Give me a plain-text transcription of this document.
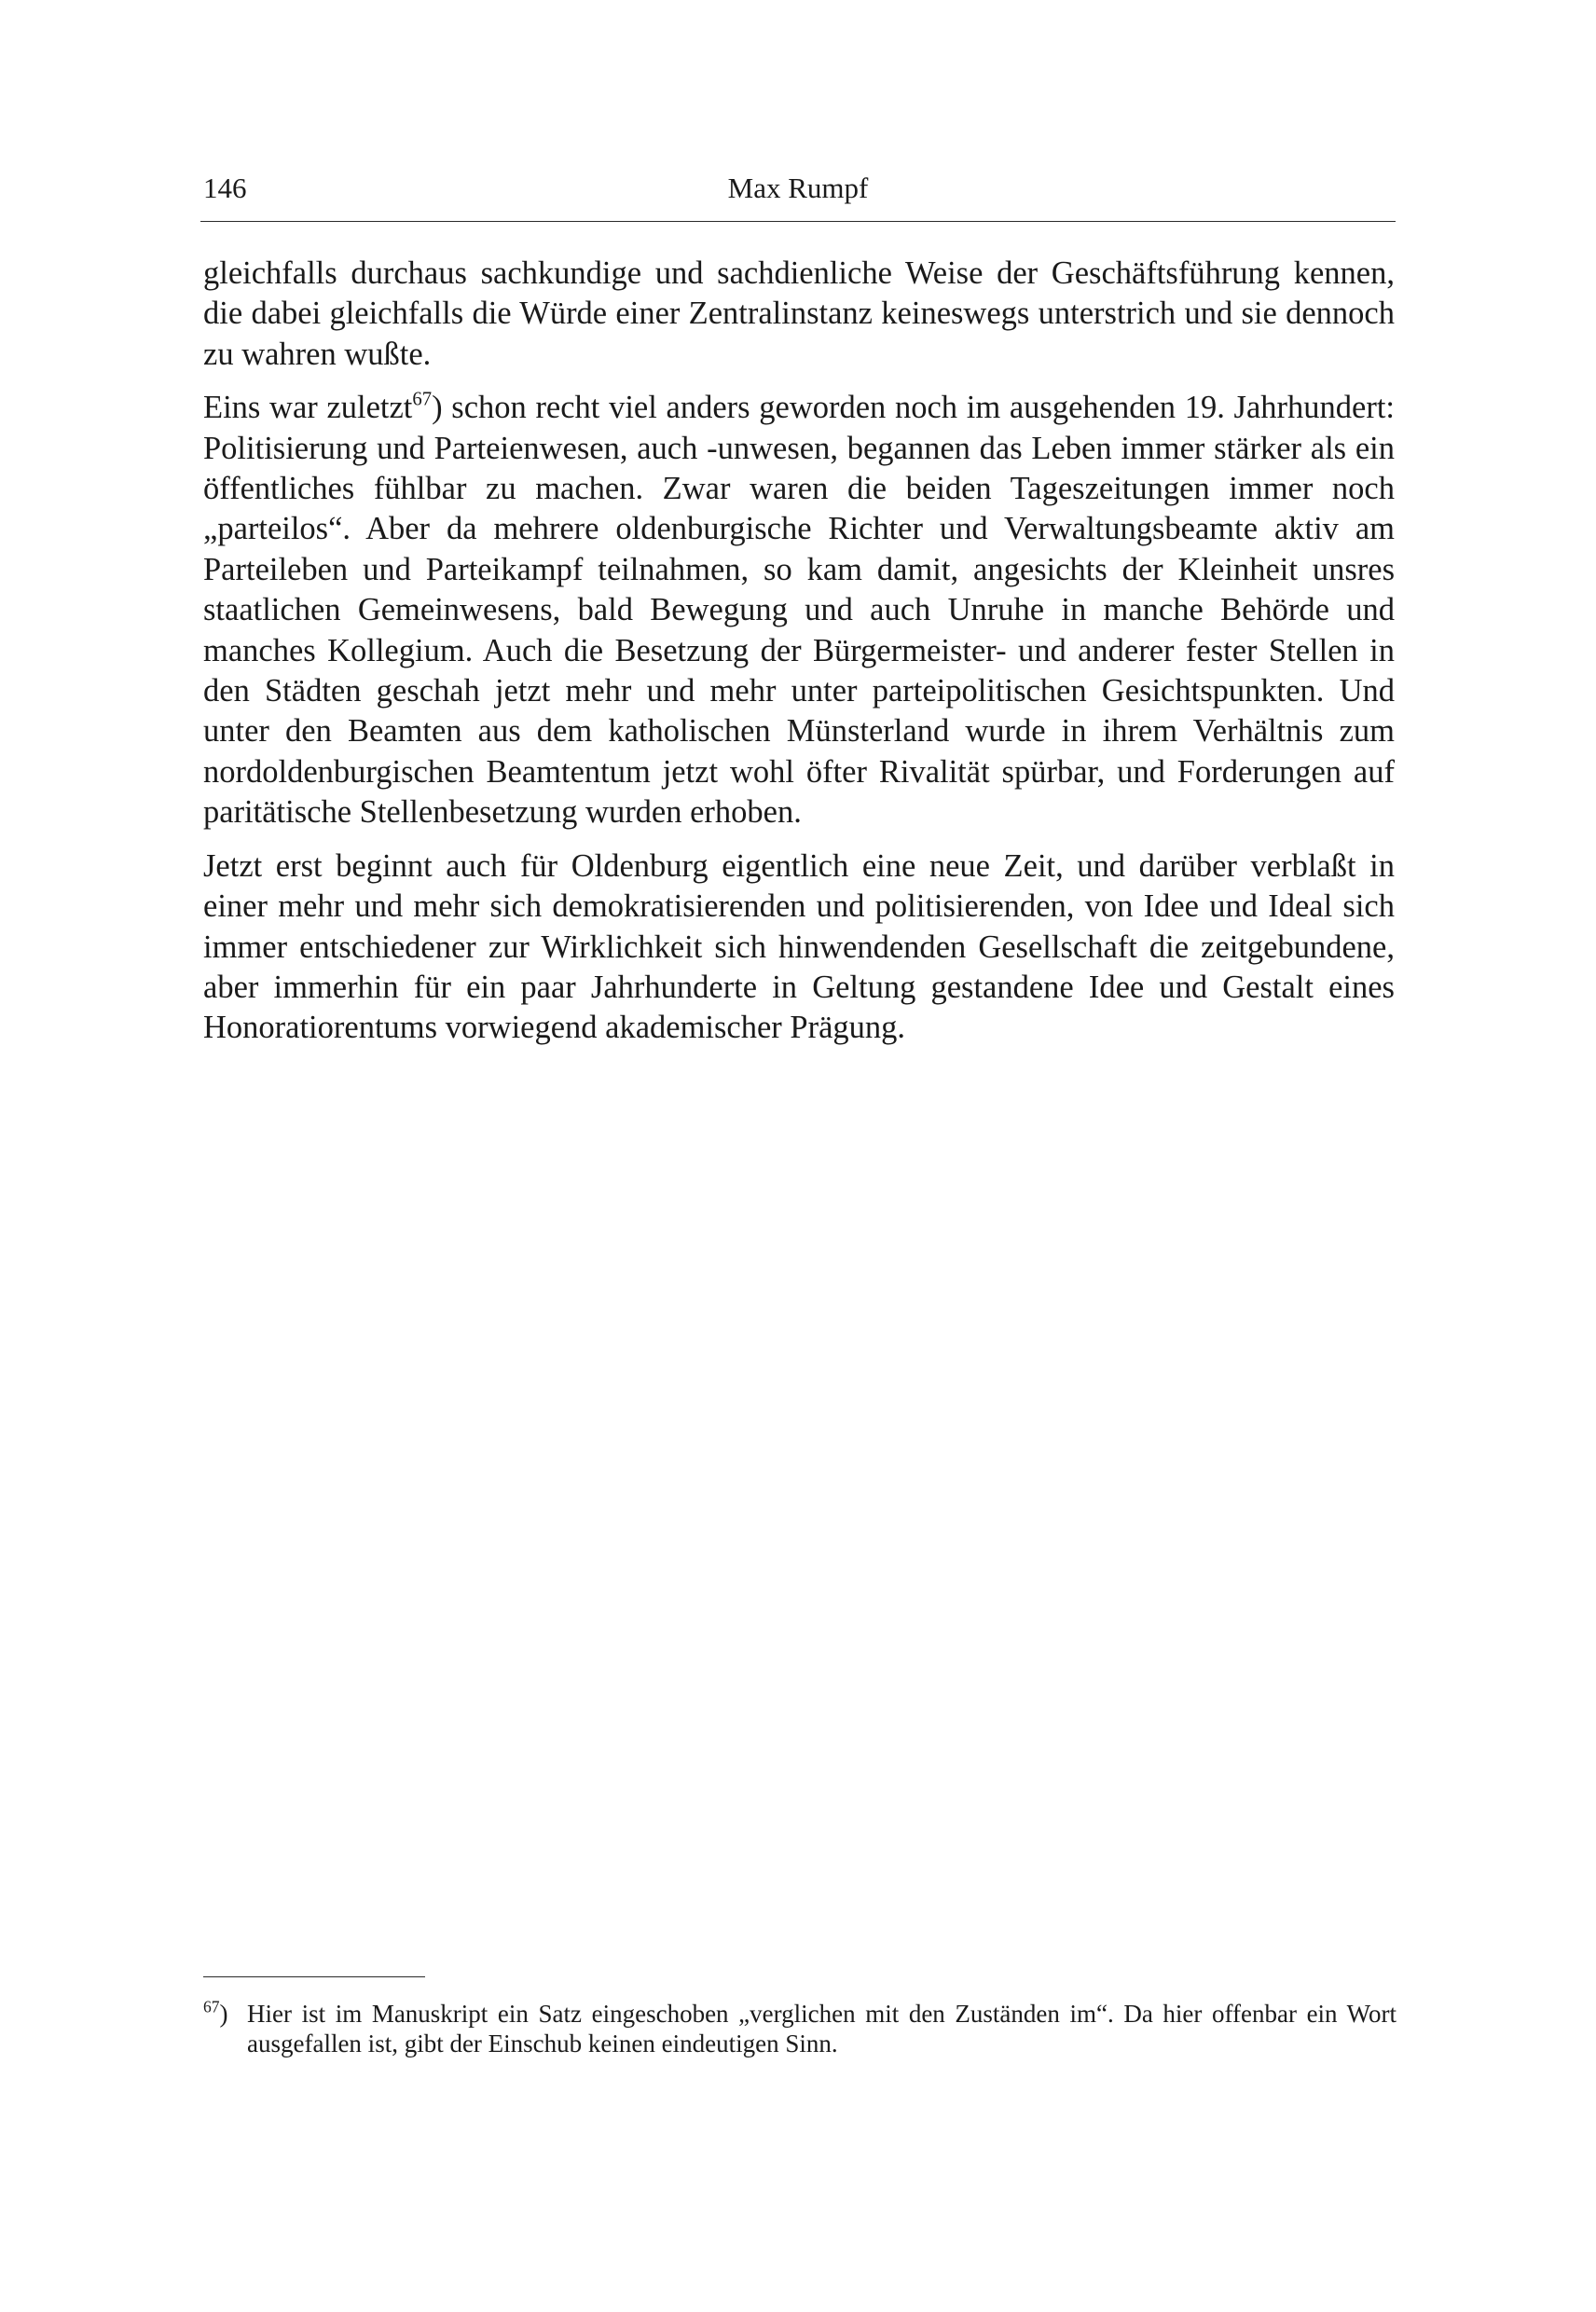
146	Max Rumpf

gleichfalls durchaus sachkundige und sachdienliche Weise der Geschäftsführung kennen, die dabei gleichfalls die Würde einer Zentralinstanz keineswegs unterstrich und sie dennoch zu wahren wußte.

Eins war zuletzt$^{67}$) schon recht viel anders geworden noch im ausgehenden 19. Jahrhundert: Politisierung und Parteienwesen, auch -unwesen, begannen das Leben immer stärker als ein öffentliches fühlbar zu machen. Zwar waren die beiden Tageszeitungen immer noch „parteilos“. Aber da mehrere oldenburgische Richter und Verwaltungsbeamte aktiv am Parteileben und Parteikampf teilnahmen, so kam damit, angesichts der Kleinheit unsres staatlichen Gemeinwesens, bald Bewegung und auch Unruhe in manche Behörde und manches Kollegium. Auch die Besetzung der Bürgermeister- und anderer fester Stellen in den Städten geschah jetzt mehr und mehr unter parteipolitischen Gesichtspunkten. Und unter den Beamten aus dem katholischen Münsterland wurde in ihrem Verhältnis zum nordoldenburgischen Beamtentum jetzt wohl öfter Rivalität spürbar, und Forderungen auf paritätische Stellenbesetzung wurden erhoben.

Jetzt erst beginnt auch für Oldenburg eigentlich eine neue Zeit, und darüber verblaßt in einer mehr und mehr sich demokratisierenden und politisierenden, von Idee und Ideal sich immer entschiedener zur Wirklichkeit sich hinwendenden Gesellschaft die zeitgebundene, aber immerhin für ein paar Jahrhunderte in Geltung gestandene Idee und Gestalt eines Honoratiorentums vorwiegend akademischer Prägung.

$^{67}$) Hier ist im Manuskript ein Satz eingeschoben „verglichen mit den Zuständen im“. Da hier offenbar ein Wort ausgefallen ist, gibt der Einschub keinen eindeutigen Sinn.
